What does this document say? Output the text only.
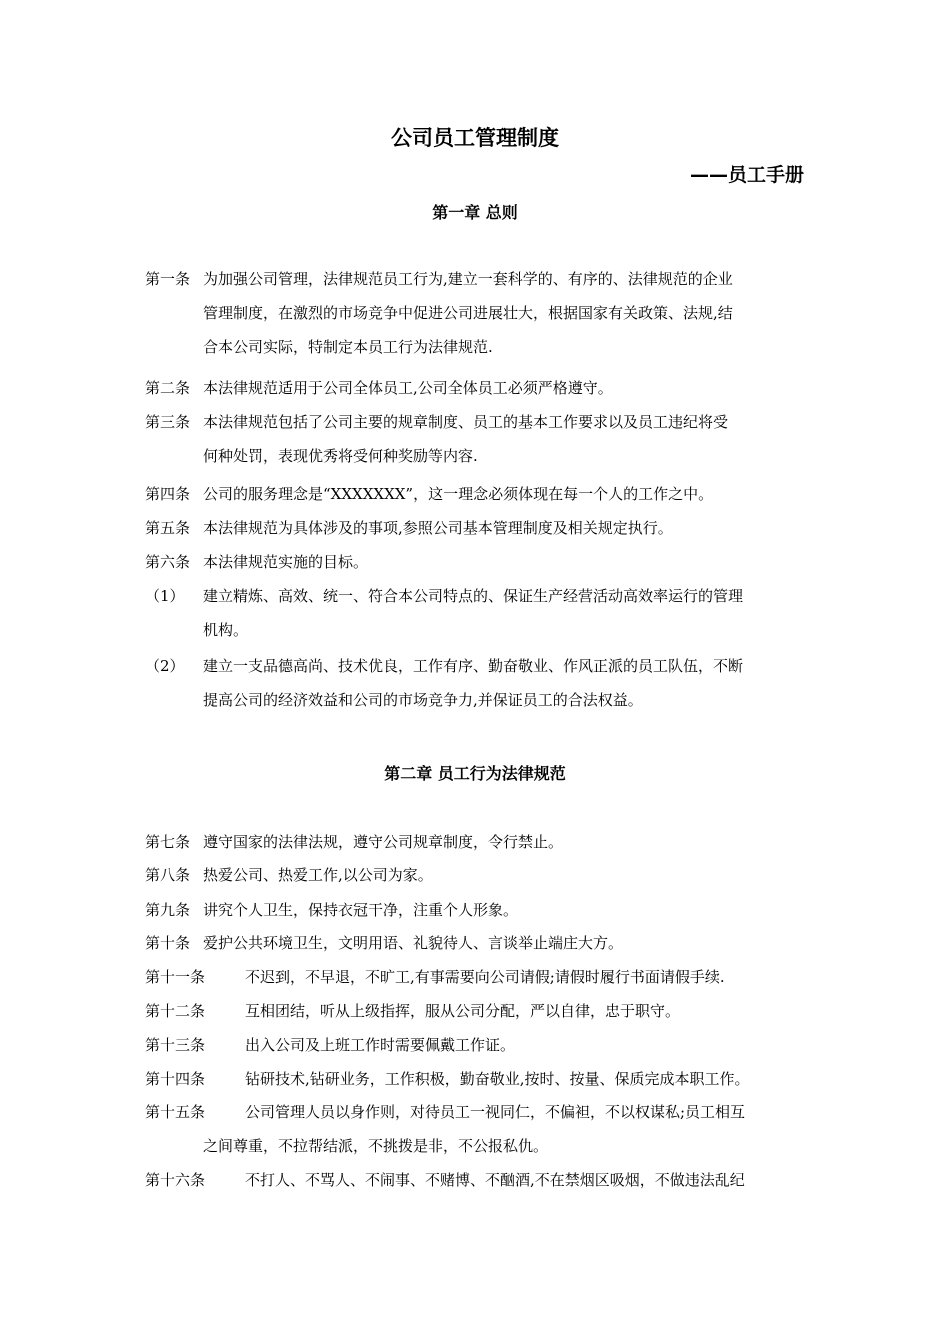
公司员工管理制度
——员工手册
第一章 总则
第一条 为加强公司管理，法律规范员工行为,建立一套科学的、有序的、法律规范的企业
管理制度，在激烈的市场竞争中促进公司进展壮大，根据国家有关政策、法规,结
合本公司实际，特制定本员工行为法律规范.
第二条 本法律规范适用于公司全体员工,公司全体员工必须严格遵守。
第三条 本法律规范包括了公司主要的规章制度、员工的基本工作要求以及员工违纪将受
何种处罚，表现优秀将受何种奖励等内容.
第四条 公司的服务理念是“XXXXXXX”，这一理念必须体现在每一个人的工作之中。
第五条 本法律规范为具体涉及的事项,参照公司基本管理制度及相关规定执行。
第六条 本法律规范实施的目标。
（1） 建立精炼、高效、统一、符合本公司特点的、保证生产经营活动高效率运行的管理
机构。
（2） 建立一支品德高尚、技术优良，工作有序、勤奋敬业、作风正派的员工队伍，不断
提高公司的经济效益和公司的市场竞争力,并保证员工的合法权益。
第二章 员工行为法律规范
第七条 遵守国家的法律法规，遵守公司规章制度，令行禁止。
第八条 热爱公司、热爱工作,以公司为家。
第九条 讲究个人卫生，保持衣冠干净，注重个人形象。
第十条 爱护公共环境卫生，文明用语、礼貌待人、言谈举止端庄大方。
第十一条	不迟到，不早退，不旷工,有事需要向公司请假;请假时履行书面请假手续.
第十二条	互相团结，听从上级指挥，服从公司分配，严以自律，忠于职守。
第十三条	出入公司及上班工作时需要佩戴工作证。
第十四条	钻研技术,钻研业务，工作积极，勤奋敬业,按时、按量、保质完成本职工作。
第十五条	公司管理人员以身作则，对待员工一视同仁，不偏袒，不以权谋私;员工相互
之间尊重，不拉帮结派，不挑拨是非，不公报私仇。
第十六条	不打人、不骂人、不闹事、不赌博、不酗酒,不在禁烟区吸烟，不做违法乱纪
